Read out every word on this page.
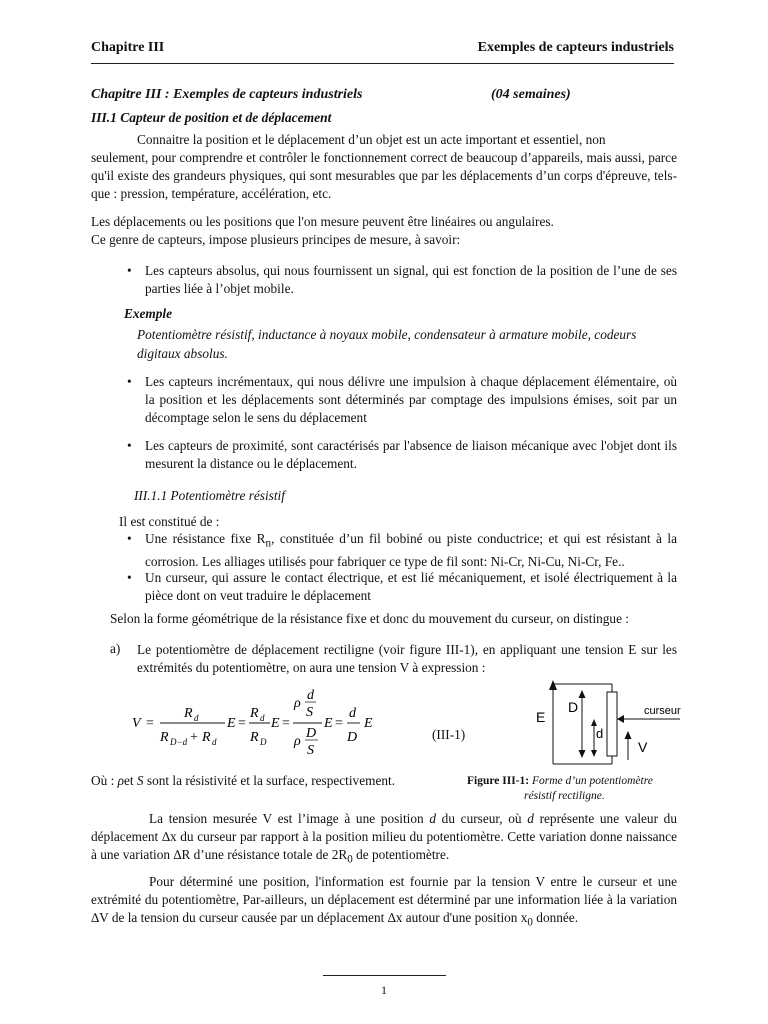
Chapitre III	Exemples de capteurs industriels
Chapitre III : Exemples de capteurs industriels	(04 semaines)
III.1 Capteur de position et de déplacement
Connaitre la position et le déplacement d’un objet est un acte important et essentiel, non
seulement, pour comprendre et contrôler le fonctionnement correct de beaucoup d’appareils, mais aussi, parce qu'il existe des grandeurs physiques, qui sont mesurables que par les déplacements d’un corps d'épreuve, tels-que : pression, température, accélération, etc.
Les déplacements ou les positions que l'on mesure peuvent être linéaires ou angulaires.
Ce genre de capteurs, impose plusieurs principes de mesure, à savoir:
• Les capteurs absolus, qui nous fournissent un signal, qui est fonction de la position de l’une de ses parties liée à l’objet mobile.
Exemple
Potentiomètre résistif, inductance à noyaux mobile, condensateur à armature mobile, codeurs digitaux absolus.
• Les capteurs incrémentaux, qui nous délivre une impulsion à chaque déplacement élémentaire, où la position et les déplacements sont déterminés par comptage des impulsions émises, soit par un décomptage selon le sens du déplacement
• Les capteurs de proximité, sont caractérisés par l'absence de liaison mécanique avec l'objet dont ils mesurent la distance ou le déplacement.
III.1.1 Potentiomètre résistif
Il est constitué de :
• Une résistance fixe $R_n$, constituée d’un fil bobiné ou piste conductrice; et qui est résistant à la corrosion. Les alliages utilisés pour fabriquer ce type de fil sont: Ni-Cr, Ni-Cu, Ni-Cr, Fe..
• Un curseur, qui assure le contact électrique, et est lié mécaniquement, et isolé électriquement à la pièce dont on veut traduire le déplacement
Selon la forme géométrique de la résistance fixe et donc du mouvement du curseur, on distingue :
a) Le potentiomètre de déplacement rectiligne (voir figure III-1), en appliquant une tension E sur les extrémités du potentiomètre, on aura une tension V à expression :
V =
R d
R D−d + R d
E =
R d
R D
E =
ρ
d
S
ρ
D
S
E =
d
D
E
(III-1)
E
D
d
curseur
V
Où : ρet S sont la résistivité et la surface, respectivement.	Figure III-1: Forme d’un potentiomètre
résistif rectiligne.
La tension mesurée V est l’image à une position d du curseur, où d représente une valeur du déplacement ∆x du curseur par rapport à la position milieu du potentiomètre. Cette variation donne naissance à une variation ∆R d’une résistance totale de $2R_0$ de potentiomètre.
Pour déterminé une position, l'information est fournie par la tension V entre le curseur et une extrémité du potentiomètre, Par-ailleurs, un déplacement est déterminé par une information liée à la variation ∆V de la tension du curseur causée par un déplacement ∆x autour d'une position $x_0$ donnée.
1
